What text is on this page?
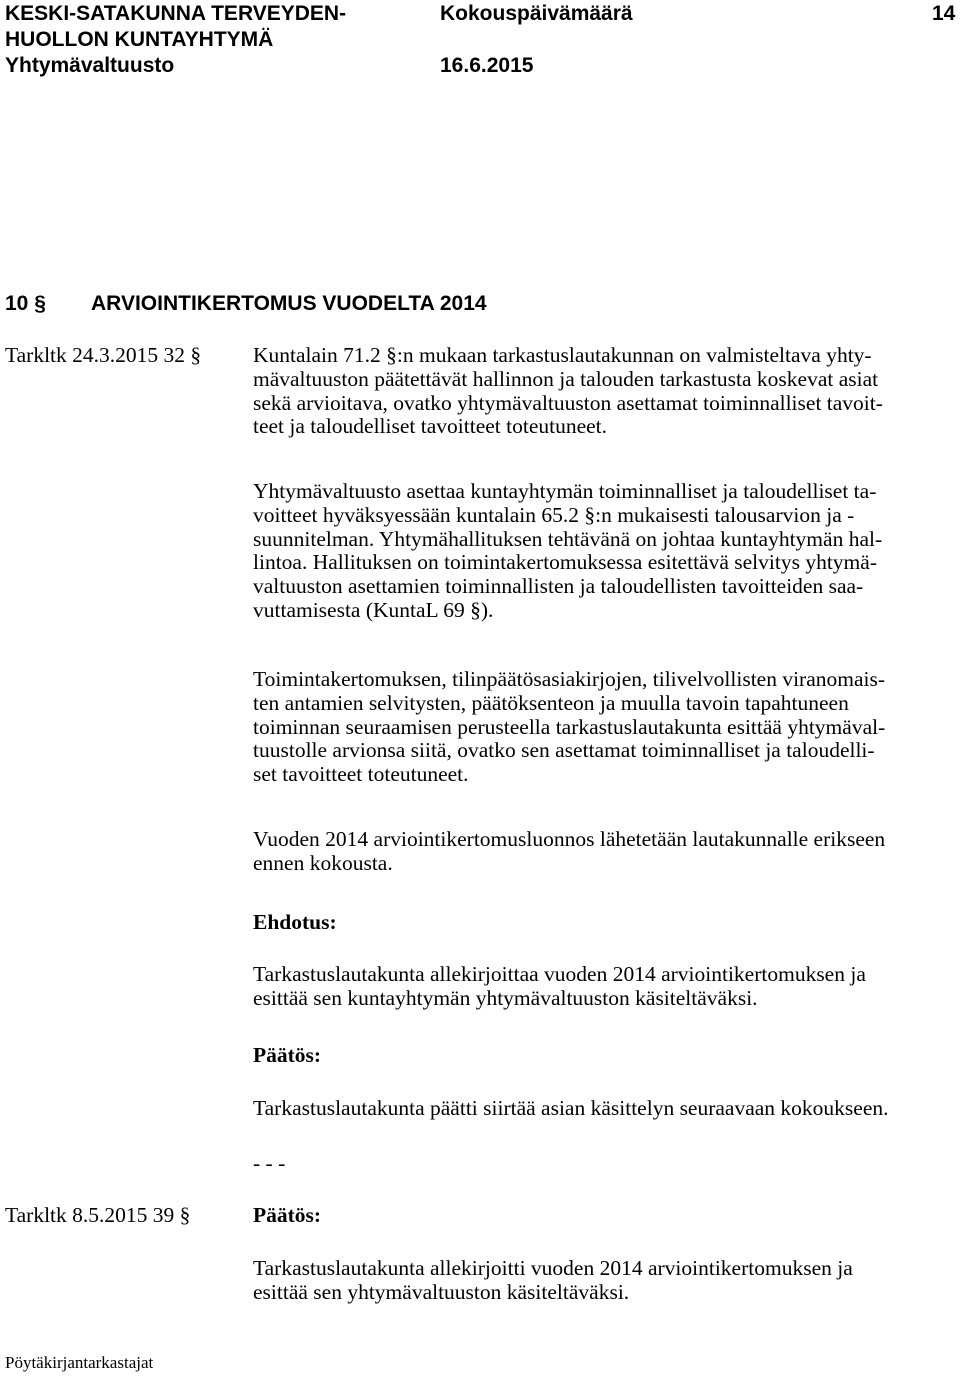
KESKI-SATAKUNNA TERVEYDEN-
HUOLLON KUNTAYHTYMÄ
Yhtymävaltuusto
Kokouspäivämäärä
16.6.2015
14
10 § ARVIOINTIKERTOMUS VUODELTA 2014
Tarkltk 24.3.2015 32 § Kuntalain 71.2 §:n mukaan tarkastuslautakunnan on valmisteltava yhty-
mävaltuuston päätettävät hallinnon ja talouden tarkastusta koskevat asiat
sekä arvioitava, ovatko yhtymävaltuuston asettamat toiminnalliset tavoit-
teet ja taloudelliset tavoitteet toteutuneet.
Yhtymävaltuusto asettaa kuntayhtymän toiminnalliset ja taloudelliset ta-
voitteet hyväksyessään kuntalain 65.2 §:n mukaisesti talousarvion ja -
suunnitelman. Yhtymähallituksen tehtävänä on johtaa kuntayhtymän hal-
lintoa. Hallituksen on toimintakertomuksessa esitettävä selvitys yhtymä-
valtuuston asettamien toiminnallisten ja taloudellisten tavoitteiden saa-
vuttamisesta (KuntaL 69 §).
Toimintakertomuksen, tilinpäätösasiakirjojen, tilivelvollisten viranomais-
ten antamien selvitysten, päätöksenteon ja muulla tavoin tapahtuneen
toiminnan seuraamisen perusteella tarkastuslautakunta esittää yhtymäval-
tuustolle arvionsa siitä, ovatko sen asettamat toiminnalliset ja taloudelli-
set tavoitteet toteutuneet.
Vuoden 2014 arviointikertomusluonnos lähetetään lautakunnalle erikseen
ennen kokousta.
Ehdotus:
Tarkastuslautakunta allekirjoittaa vuoden 2014 arviointikertomuksen ja
esittää sen kuntayhtymän yhtymävaltuuston käsiteltäväksi.
Päätös:
Tarkastuslautakunta päätti siirtää asian käsittelyn seuraavaan kokoukseen.
- - -
Tarkltk 8.5.2015 39 §	Päätös:
Tarkastuslautakunta allekirjoitti vuoden 2014 arviointikertomuksen ja
esittää sen yhtymävaltuuston käsiteltäväksi.
Pöytäkirjantarkastajat
